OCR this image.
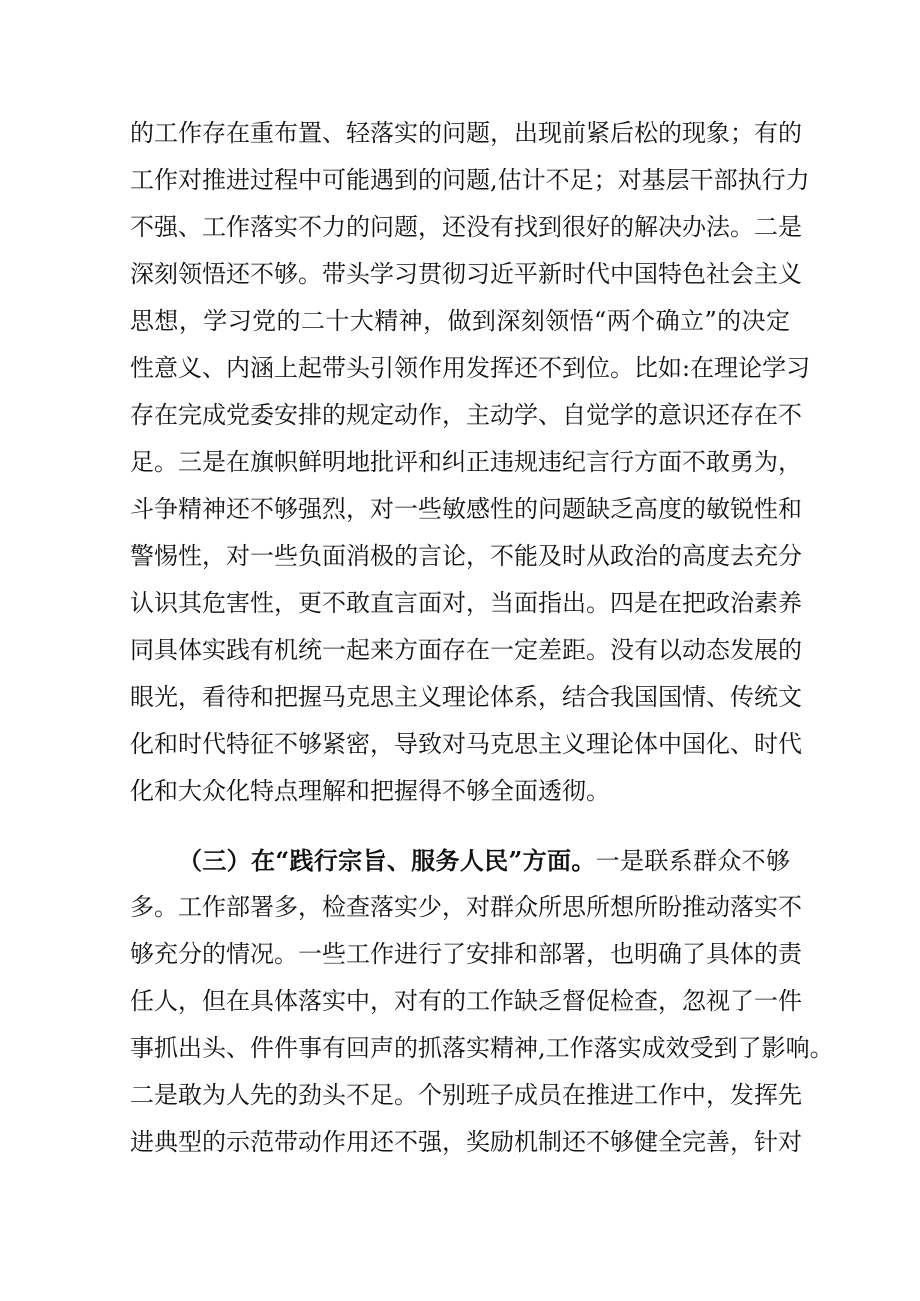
的工作存在重布置、轻落实的问题，出现前紧后松的现象；有的
工作对推进过程中可能遇到的问题,估计不足；对基层干部执行力
不强、工作落实不力的问题，还没有找到很好的解决办法。二是
深刻领悟还不够。带头学习贯彻习近平新时代中国特色社会主义
思想，学习党的二十大精神，做到深刻领悟“两个确立”的决定
性意义、内涵上起带头引领作用发挥还不到位。比如:在理论学习
存在完成党委安排的规定动作，主动学、自觉学的意识还存在不
足。三是在旗帜鲜明地批评和纠正违规违纪言行方面不敢勇为，
斗争精神还不够强烈，对一些敏感性的问题缺乏高度的敏锐性和
警惕性，对一些负面消极的言论，不能及时从政治的高度去充分
认识其危害性，更不敢直言面对，当面指出。四是在把政治素养
同具体实践有机统一起来方面存在一定差距。没有以动态发展的
眼光，看待和把握马克思主义理论体系，结合我国国情、传统文
化和时代特征不够紧密，导致对马克思主义理论体中国化、时代
化和大众化特点理解和把握得不够全面透彻。
（三）在“践行宗旨、服务人民”方面。一是联系群众不够
多。工作部署多，检查落实少，对群众所思所想所盼推动落实不
够充分的情况。一些工作进行了安排和部署，也明确了具体的责
任人，但在具体落实中，对有的工作缺乏督促检查，忽视了一件
事抓出头、件件事有回声的抓落实精神,工作落实成效受到了影响。
二是敢为人先的劲头不足。个别班子成员在推进工作中，发挥先
进典型的示范带动作用还不强，奖励机制还不够健全完善，针对
